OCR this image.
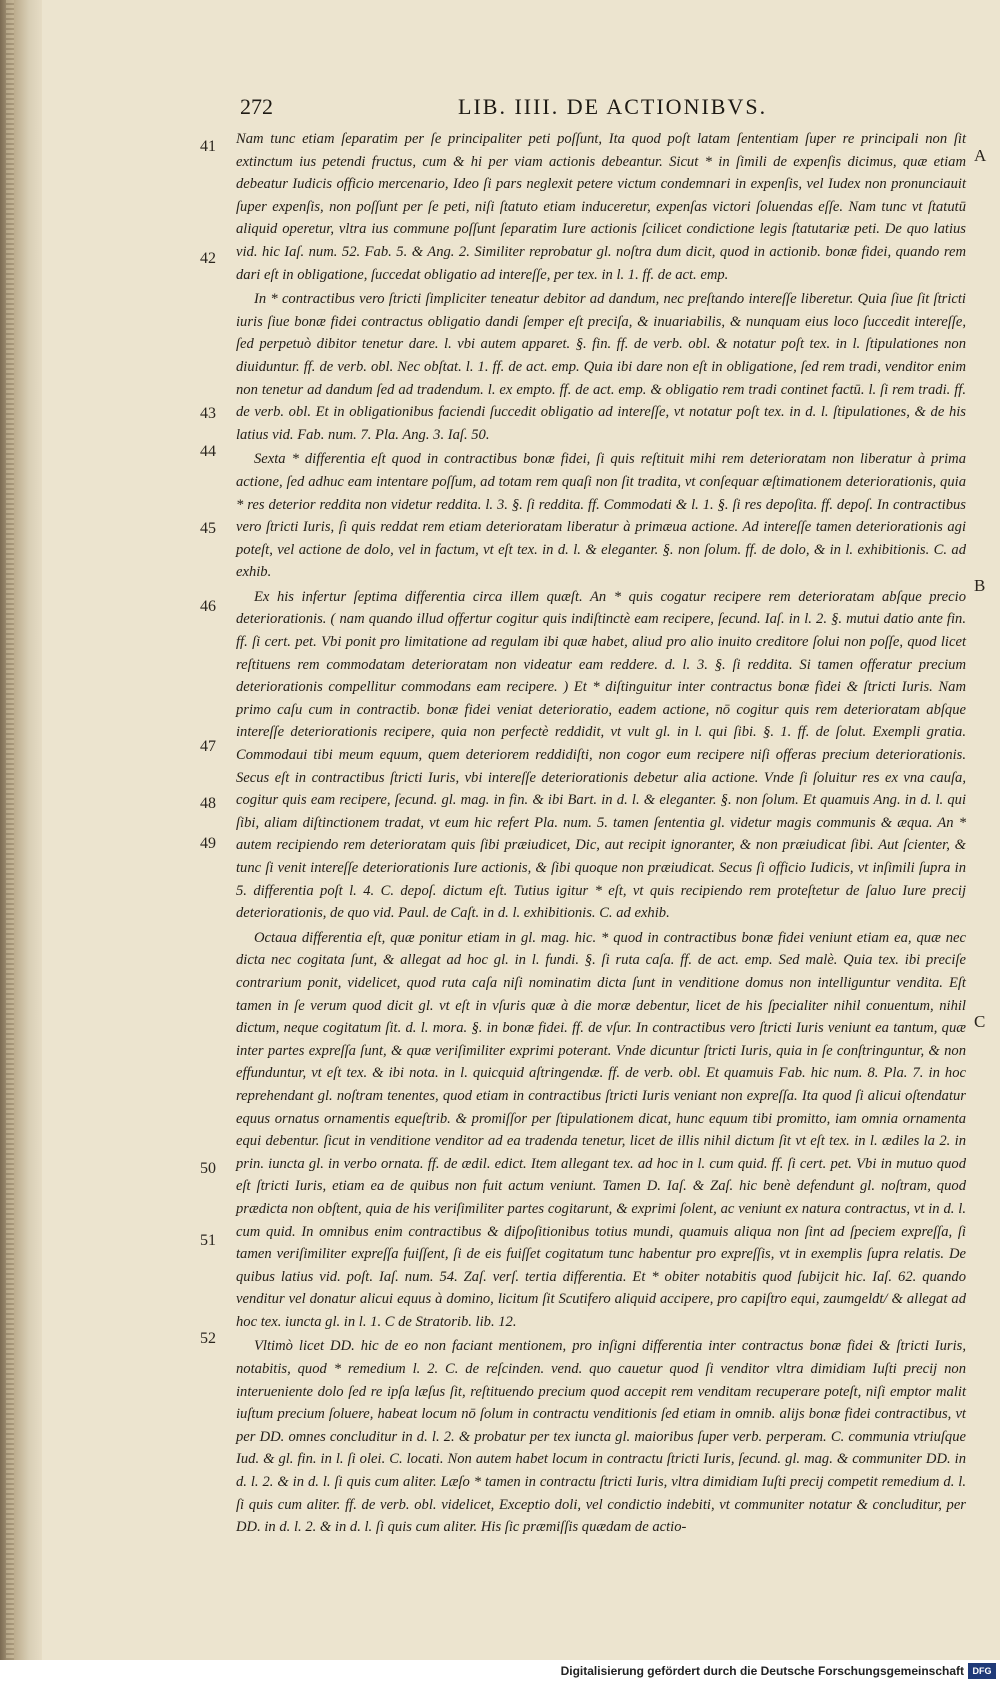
272	LIB. IIII. DE ACTIONIBVS.
41
42
43
44
45
46
47
48
49
50
51
52
A
B
C

Nam tunc etiam ſeparatim per ſe principaliter peti poſſunt, Ita quod poſt latam ſententiam ſuper re principali non ſit extinctum ius petendi fructus, cum & hi per viam actionis debeantur. Sicut * in ſimili de expenſis dicimus, quæ etiam debeatur Iudicis officio mercenario, Ideo ſi pars neglexit petere victum condemnari in expenſis, vel Iudex non pronunciauit ſuper expenſis, non poſſunt per ſe peti, niſi ſtatuto etiam induceretur, expenſas victori ſoluendas eſſe. Nam tunc vt ſtatutū aliquid operetur, vltra ius commune poſſunt ſeparatim Iure actionis ſcilicet condictione legis ſtatutariæ peti. De quo latius vid. hic Iaſ. num. 52. Fab. 5. & Ang. 2. Similiter reprobatur gl. noſtra dum dicit, quod in actionib. bonæ fidei, quando rem dari eſt in obligatione, ſuccedat obligatio ad intereſſe, per tex. in l. 1. ff. de act. emp.

In * contractibus vero ſtricti ſimpliciter teneatur debitor ad dandum, nec preſtando intereſſe liberetur. Quia ſiue ſit ſtricti iuris ſiue bonæ fidei contractus obligatio dandi ſemper eſt preciſa, & inuariabilis, & nunquam eius loco ſuccedit intereſſe, ſed perpetuò dibitor tenetur dare. l. vbi autem apparet. §. fin. ff. de verb. obl. & notatur poſt tex. in l. ſtipulationes non diuiduntur. ff. de verb. obl. Nec obſtat. l. 1. ff. de act. emp. Quia ibi dare non eſt in obligatione, ſed rem tradi, venditor enim non tenetur ad dandum ſed ad tradendum. l. ex empto. ff. de act. emp. & obligatio rem tradi continet factū. l. ſi rem tradi. ff. de verb. obl. Et in obligationibus faciendi ſuccedit obligatio ad intereſſe, vt notatur poſt tex. in d. l. ſtipulationes, & de his latius vid. Fab. num. 7. Pla. Ang. 3. Iaſ. 50.

Sexta * differentia eſt quod in contractibus bonæ fidei, ſi quis reſtituit mihi rem deterioratam non liberatur à prima actione, ſed adhuc eam intentare poſſum, ad totam rem quaſi non ſit tradita, vt conſequar æſtimationem deteriorationis, quia * res deterior reddita non videtur reddita. l. 3. §. ſi reddita. ff. Commodati & l. 1. §. ſi res depoſita. ff. depoſ. In contractibus vero ſtricti Iuris, ſi quis reddat rem etiam deterioratam liberatur à primæua actione. Ad intereſſe tamen deteriorationis agi poteſt, vel actione de dolo, vel in factum, vt eſt tex. in d. l. & eleganter. §. non ſolum. ff. de dolo, & in l. exhibitionis. C. ad exhib.

Ex his infertur ſeptima differentia circa illem quæſt. An * quis cogatur recipere rem deterioratam abſque precio deteriorationis. ( nam quando illud offertur cogitur quis indiſtinctè eam recipere, ſecund. Iaſ. in l. 2. §. mutui datio ante fin. ff. ſi cert. pet. Vbi ponit pro limitatione ad regulam ibi quæ habet, aliud pro alio inuito creditore ſolui non poſſe, quod licet reſtituens rem commodatam deterioratam non videatur eam reddere. d. l. 3. §. ſi reddita. Si tamen offeratur precium deteriorationis compellitur commodans eam recipere. ) Et * diſtinguitur inter contractus bonæ fidei & ſtricti Iuris. Nam primo caſu cum in contractib. bonæ fidei veniat deterioratio, eadem actione, nō cogitur quis rem deterioratam abſque intereſſe deteriorationis recipere, quia non perfectè reddidit, vt vult gl. in l. qui ſibi. §. 1. ff. de ſolut. Exempli gratia. Commodaui tibi meum equum, quem deteriorem reddidiſti, non cogor eum recipere niſi offeras precium deteriorationis. Secus eſt in contractibus ſtricti Iuris, vbi intereſſe deteriorationis debetur alia actione. Vnde ſi ſoluitur res ex vna cauſa, cogitur quis eam recipere, ſecund. gl. mag. in fin. & ibi Bart. in d. l. & eleganter. §. non ſolum. Et quamuis Ang. in d. l. qui ſibi, aliam diſtinctionem tradat, vt eum hic refert Pla. num. 5. tamen ſententia gl. videtur magis communis & æqua. An * autem recipiendo rem deterioratam quis ſibi præiudicet, Dic, aut recipit ignoranter, & non præiudicat ſibi. Aut ſcienter, & tunc ſi venit intereſſe deteriorationis Iure actionis, & ſibi quoque non præiudicat. Secus ſi officio Iudicis, vt inſimili ſupra in 5. differentia poſt l. 4. C. depoſ. dictum eſt. Tutius igitur * eſt, vt quis recipiendo rem proteſtetur de ſaluo Iure precij deteriorationis, de quo vid. Paul. de Caſt. in d. l. exhibitionis. C. ad exhib.

Octaua differentia eſt, quæ ponitur etiam in gl. mag. hic. * quod in contractibus bonæ fidei veniunt etiam ea, quæ nec dicta nec cogitata ſunt, & allegat ad hoc gl. in l. fundi. §. ſi ruta caſa. ff. de act. emp. Sed malè. Quia tex. ibi preciſe contrarium ponit, videlicet, quod ruta caſa niſi nominatim dicta ſunt in venditione domus non intelliguntur vendita. Eſt tamen in ſe verum quod dicit gl. vt eſt in vſuris quæ à die moræ debentur, licet de his ſpecialiter nihil conuentum, nihil dictum, neque cogitatum ſit. d. l. mora. §. in bonæ fidei. ff. de vſur. In contractibus vero ſtricti Iuris veniunt ea tantum, quæ inter partes expreſſa ſunt, & quæ veriſimiliter exprimi poterant. Vnde dicuntur ſtricti Iuris, quia in ſe conſtringuntur, & non effunduntur, vt eſt tex. & ibi nota. in l. quicquid aſtringendæ. ff. de verb. obl. Et quamuis Fab. hic num. 8. Pla. 7. in hoc reprehendant gl. noſtram tenentes, quod etiam in contractibus ſtricti Iuris veniant non expreſſa. Ita quod ſi alicui oſtendatur equus ornatus ornamentis equeſtrib. & promiſſor per ſtipulationem dicat, hunc equum tibi promitto, iam omnia ornamenta equi debentur. ſicut in venditione venditor ad ea tradenda tenetur, licet de illis nihil dictum ſit vt eſt tex. in l. ædiles la 2. in prin. iuncta gl. in verbo ornata. ff. de ædil. edict. Item allegant tex. ad hoc in l. cum quid. ff. ſi cert. pet. Vbi in mutuo quod eſt ſtricti Iuris, etiam ea de quibus non fuit actum veniunt. Tamen D. Iaſ. & Zaſ. hic benè defendunt gl. noſtram, quod prædicta non obſtent, quia de his veriſimiliter partes cogitarunt, & exprimi ſolent, ac veniunt ex natura contractus, vt in d. l. cum quid. In omnibus enim contractibus & diſpoſitionibus totius mundi, quamuis aliqua non ſint ad ſpeciem expreſſa, ſi tamen veriſimiliter expreſſa fuiſſent, ſi de eis fuiſſet cogitatum tunc habentur pro expreſſis, vt in exemplis ſupra relatis. De quibus latius vid. poſt. Iaſ. num. 54. Zaſ. verſ. tertia differentia. Et * obiter notabitis quod ſubijcit hic. Iaſ. 62. quando venditur vel donatur alicui equus à domino, licitum ſit Scutifero aliquid accipere, pro capiſtro equi, zaumgeldt/ & allegat ad hoc tex. iuncta gl. in l. 1. C de Stratorib. lib. 12.

Vltimò licet DD. hic de eo non faciant mentionem, pro inſigni differentia inter contractus bonæ fidei & ſtricti Iuris, notabitis, quod * remedium l. 2. C. de reſcinden. vend. quo cauetur quod ſi venditor vltra dimidiam Iuſti precij non interueniente dolo ſed re ipſa læſus ſit, reſtituendo precium quod accepit rem venditam recuperare poteſt, niſi emptor malit iuſtum precium ſoluere, habeat locum nō ſolum in contractu venditionis ſed etiam in omnib. alijs bonæ fidei contractibus, vt per DD. omnes concluditur in d. l. 2. & probatur per tex iuncta gl. maioribus ſuper verb. perperam. C. communia vtriuſque Iud. & gl. fin. in l. ſi olei. C. locati. Non autem habet locum in contractu ſtricti Iuris, ſecund. gl. mag. & communiter DD. in d. l. 2. & in d. l. ſi quis cum aliter. Læſo * tamen in contractu ſtricti Iuris, vltra dimidiam Iuſti precij competit remedium d. l. ſi quis cum aliter. ff. de verb. obl. videlicet, Exceptio doli, vel condictio indebiti, vt communiter notatur & concluditur, per DD. in d. l. 2. & in d. l. ſi quis cum aliter. His ſic præmiſſis quædam de actio-

Digitalisierung gefördert durch die Deutsche Forschungsgemeinschaft DFG
